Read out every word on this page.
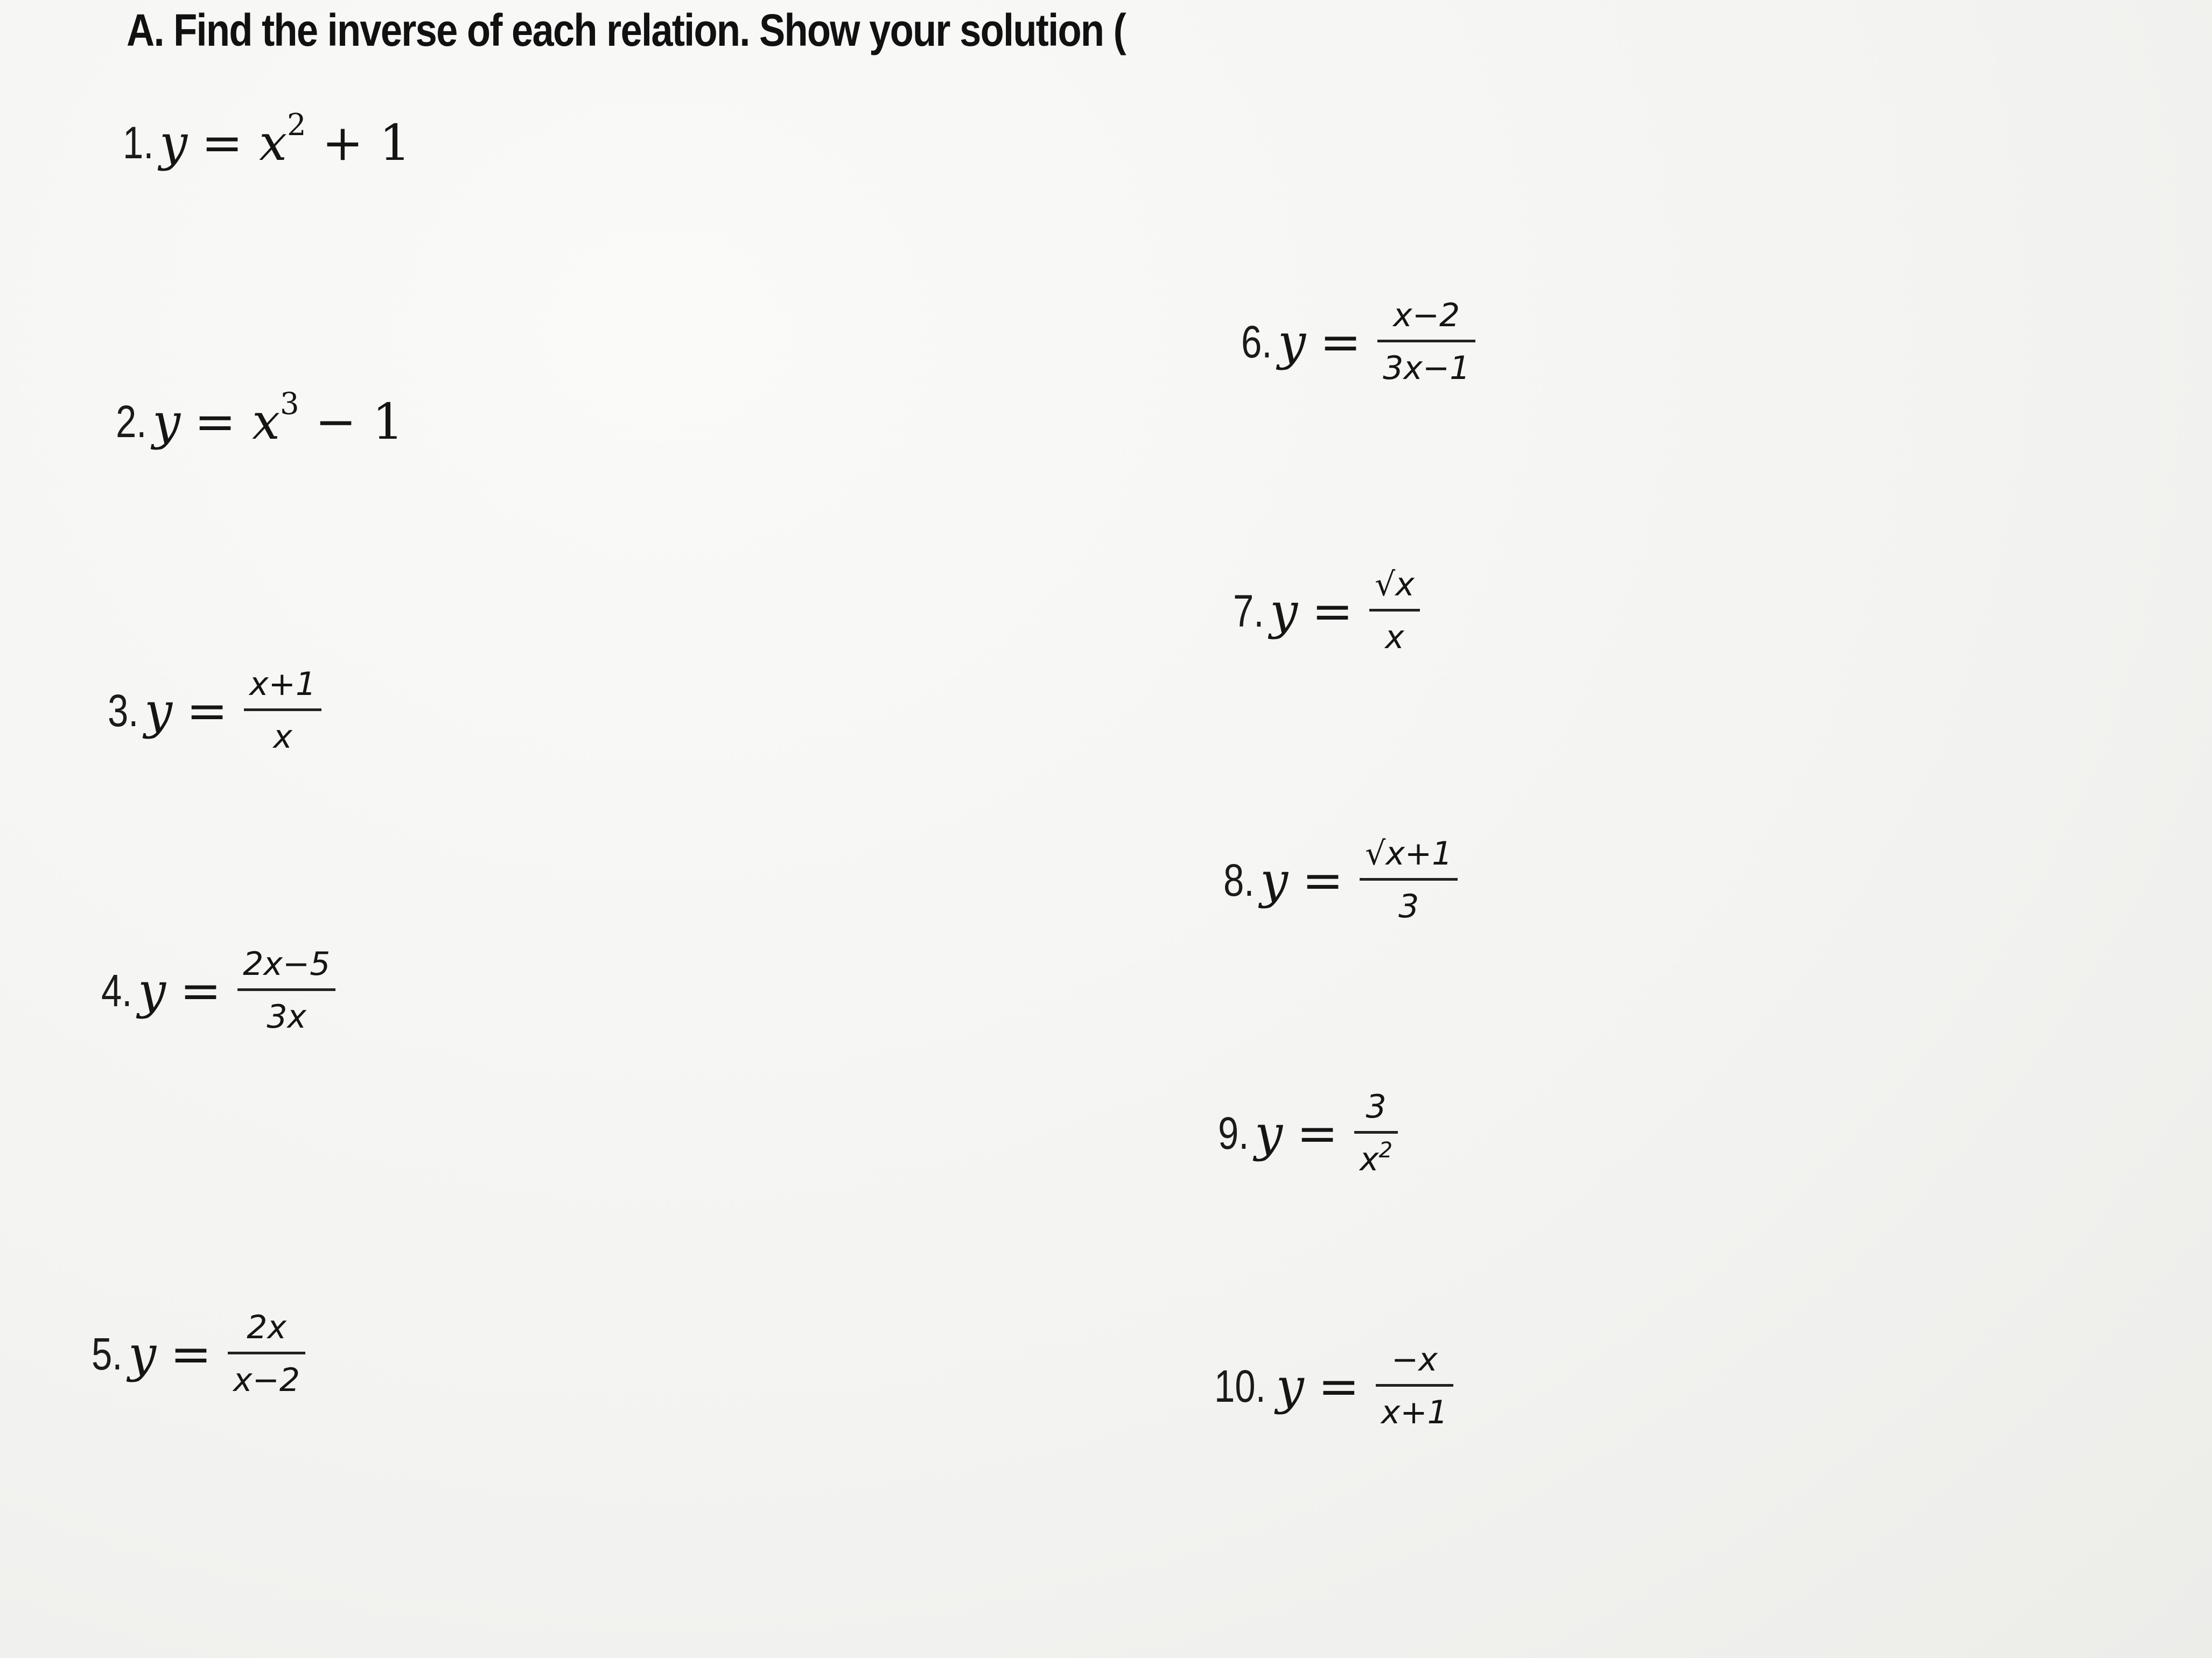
A. Find the inverse of each relation. Show your solution (
1. $y = x^2 + 1$
2. $y = x^3 - 1$
3. y = x+1
x
4. y = 2x−5
3x
5. y = 2x
x−2
6. y = x−2
3x−1
7. y = √x
x
8. y = √x+1
3
9. y = 3
$x^2$
10. y = −x
x+1
